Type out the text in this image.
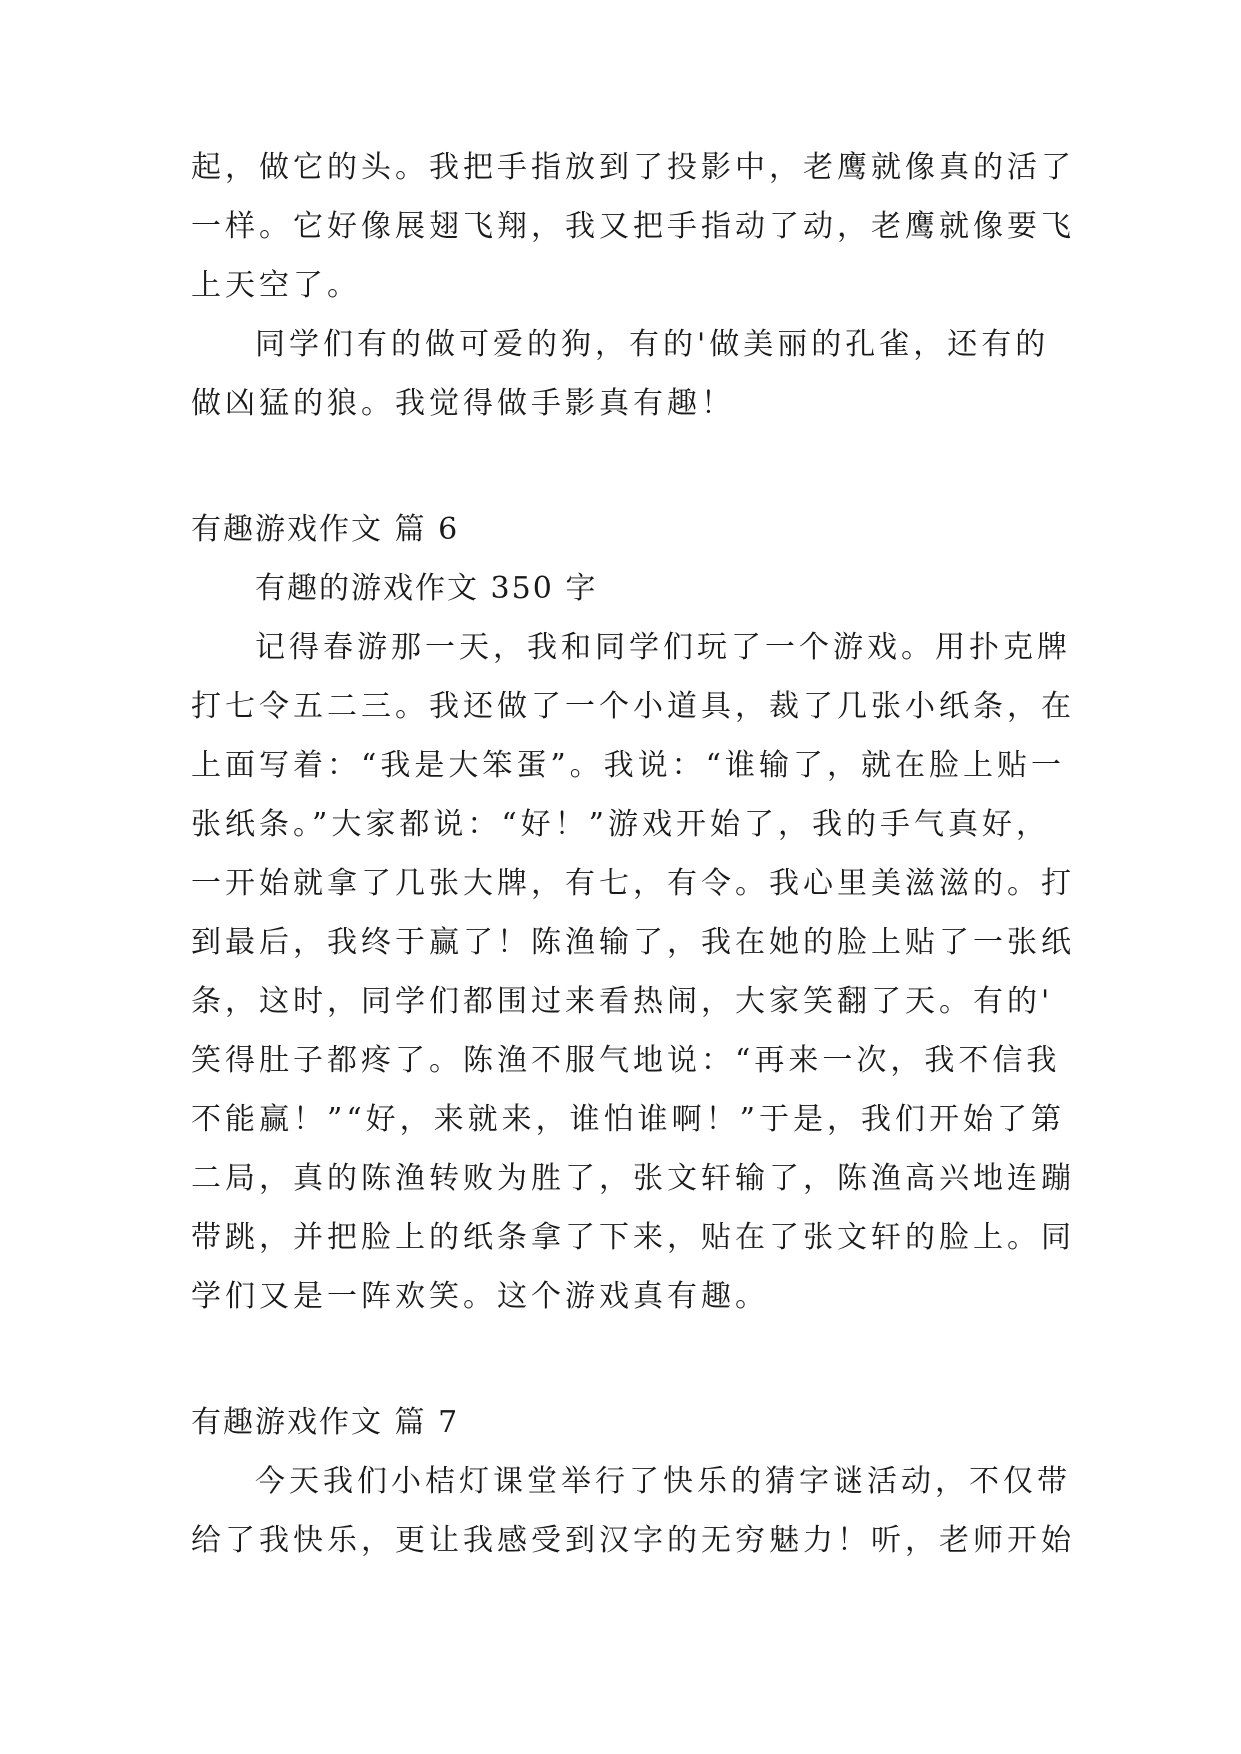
起，做它的头。我把手指放到了投影中，老鹰就像真的活了
一样。它好像展翅飞翔，我又把手指动了动，老鹰就像要飞
上天空了。
同学们有的做可爱的狗，有的'做美丽的孔雀，还有的
做凶猛的狼。我觉得做手影真有趣！
有趣游戏作文 篇 6
有趣的游戏作文 350 字
记得春游那一天，我和同学们玩了一个游戏。用扑克牌
打七令五二三。我还做了一个小道具，裁了几张小纸条，在
上面写着：“我是大笨蛋”。我说：“谁输了，就在脸上贴一
张纸条。”大家都说：“好！”游戏开始了，我的手气真好，
一开始就拿了几张大牌，有七，有令。我心里美滋滋的。打
到最后，我终于赢了！陈渔输了，我在她的脸上贴了一张纸
条，这时，同学们都围过来看热闹，大家笑翻了天。有的'
笑得肚子都疼了。陈渔不服气地说：“再来一次，我不信我
不能赢！”“好，来就来，谁怕谁啊！”于是，我们开始了第
二局，真的陈渔转败为胜了，张文轩输了，陈渔高兴地连蹦
带跳，并把脸上的纸条拿了下来，贴在了张文轩的脸上。同
学们又是一阵欢笑。这个游戏真有趣。
有趣游戏作文 篇 7
今天我们小桔灯课堂举行了快乐的猜字谜活动，不仅带
给了我快乐，更让我感受到汉字的无穷魅力！听，老师开始
